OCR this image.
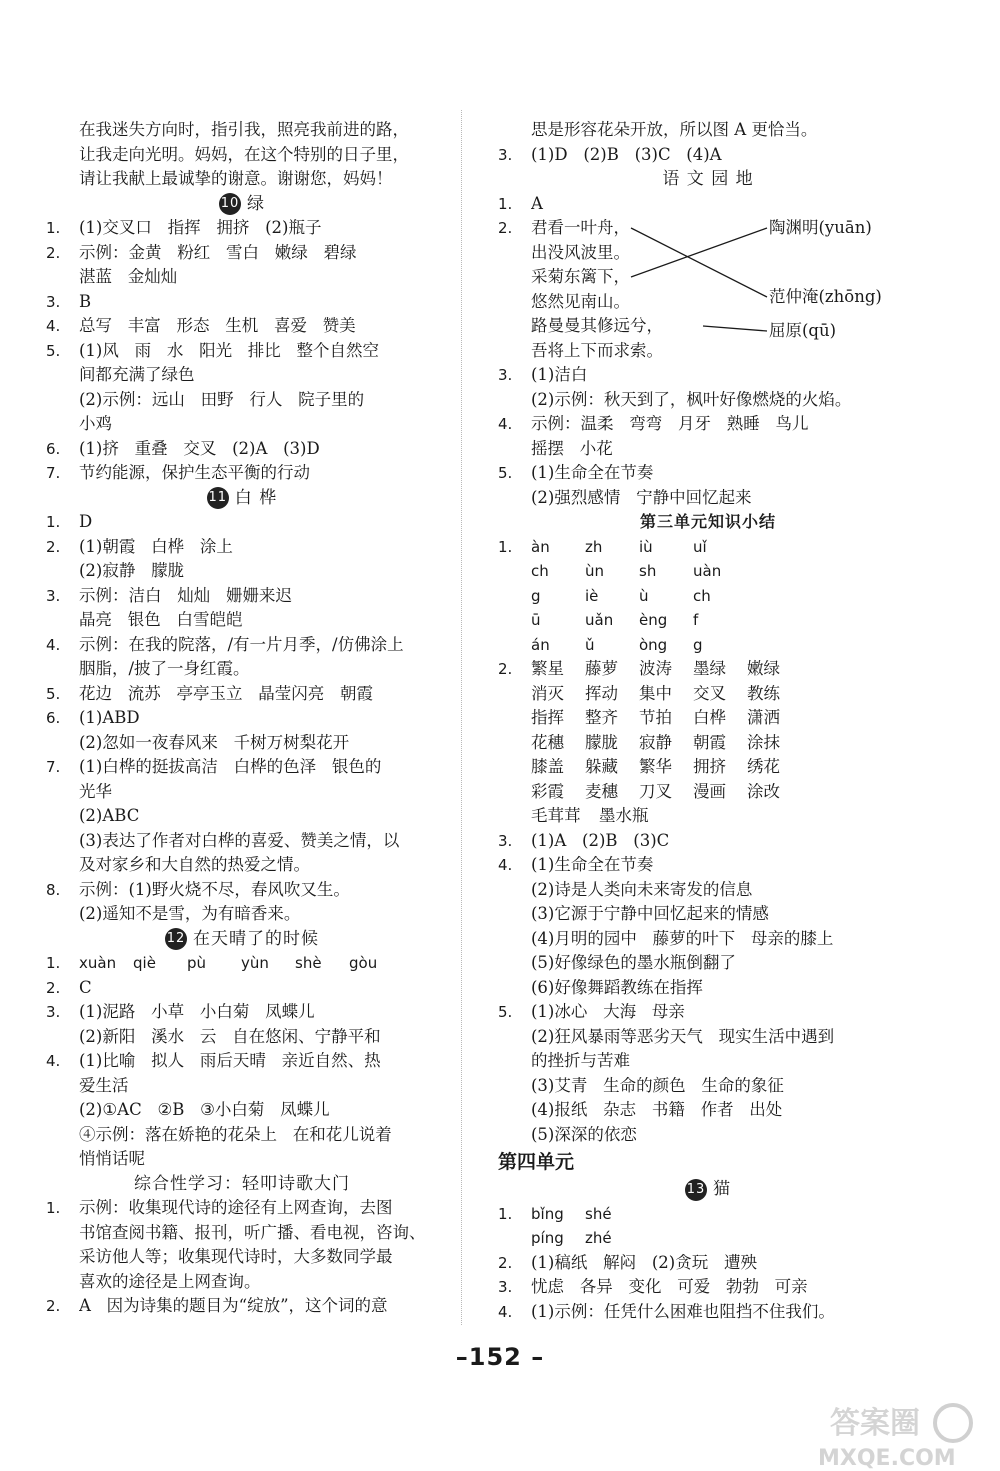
在我迷失方向时，指引我，照亮我前进的路，
让我走向光明。妈妈，在这个特别的日子里，
请让我献上最诚挚的谢意。谢谢您，妈妈！
10 绿
1.	(1)交叉口   指挥   拥挤   (2)瓶子
2.	示例：金黄   粉红   雪白   嫩绿   碧绿
湛蓝   金灿灿
3.	B
4.	总写   丰富   形态   生机   喜爱   赞美
5.	(1)风   雨   水   阳光   排比   整个自然空
间都充满了绿色
(2)示例：远山   田野   行人   院子里的
小鸡
6.	(1)挤   重叠   交叉   (2)A   (3)D
7.	节约能源，保护生态平衡的行动
11 白 桦
1.	D
2.	(1)朝霞   白桦   涂上
(2)寂静   朦胧
3.	示例：洁白   灿灿   姗姗来迟
晶亮   银色   白雪皑皑
4.	示例：在我的院落，/有一片月季，/仿佛涂上
胭脂，/披了一身红霞。
5.	花边   流苏   亭亭玉立   晶莹闪亮   朝霞
6.	(1)ABD
(2)忽如一夜春风来   千树万树梨花开
7.	(1)白桦的挺拔高洁   白桦的色泽   银色的
光华
(2)ABC
(3)表达了作者对白桦的喜爱、赞美之情，以
及对家乡和大自然的热爱之情。
8.	示例：(1)野火烧不尽，春风吹又生。
(2)遥知不是雪，为有暗香来。
12 在天晴了的时候
1.	xuàn	qiè	pù	yùn	shè	gòu
2.	C
3.	(1)泥路   小草   小白菊   凤蝶儿
(2)新阳   溪水   云   自在悠闲、宁静平和
4.	(1)比喻   拟人   雨后天晴   亲近自然、热
爱生活
(2)①AC   ②B   ③小白菊   凤蝶儿
④示例：落在娇艳的花朵上   在和花儿说着
悄悄话呢
综合性学习：轻叩诗歌大门
1.	示例：收集现代诗的途径有上网查询，去图
书馆查阅书籍、报刊，听广播、看电视，咨询、
采访他人等；收集现代诗时，大多数同学最
喜欢的途径是上网查询。
2.	A   因为诗集的题目为“绽放”，这个词的意
思是形容花朵开放，所以图 A 更恰当。
3.	(1)D   (2)B   (3)C   (4)A
语 文 园 地
1.	A
2. 君看一叶舟，
出没风波里。
采菊东篱下，
悠然见南山。
路曼曼其修远兮，
吾将上下而求索。
陶渊明(yuān)
范仲淹(zhōng)
屈原(qū)
3.	(1)洁白
(2)示例：秋天到了，枫叶好像燃烧的火焰。
4.	示例：温柔   弯弯   月牙   熟睡   鸟儿
摇摆   小花
5.	(1)生命全在节奏
(2)强烈感情   宁静中回忆起来
第三单元知识小结
1.	àn	zh	iù	uǐ
ch	ùn	sh	uàn
g	iè	ù	ch
ū	uǎn	èng	f
án	ǔ	òng	g
2.	繁星	藤萝	波涛	墨绿	嫩绿
消灭	挥动	集中	交叉	教练
指挥	整齐	节拍	白桦	潇洒
花穗	朦胧	寂静	朝霞	涂抹
膝盖	躲藏	繁华	拥挤	绣花
彩霞	麦穗	刀叉	漫画	涂改
毛茸茸	墨水瓶
3.	(1)A   (2)B   (3)C
4.	(1)生命全在节奏
(2)诗是人类向未来寄发的信息
(3)它源于宁静中回忆起来的情感
(4)月明的园中   藤萝的叶下   母亲的膝上
(5)好像绿色的墨水瓶倒翻了
(6)好像舞蹈教练在指挥
5.	(1)冰心   大海   母亲
(2)狂风暴雨等恶劣天气   现实生活中遇到
的挫折与苦难
(3)艾青   生命的颜色   生命的象征
(4)报纸   杂志   书籍   作者   出处
(5)深深的依恋
第四单元
13 猫
1.	bǐng	shé
píng	zhé
2.	(1)稿纸   解闷   (2)贪玩   遭殃
3.	忧虑   各异   变化   可爱   勃勃   可亲
4.	(1)示例：任凭什么困难也阻挡不住我们。
–152 –
答案圈
MXQE.COM
